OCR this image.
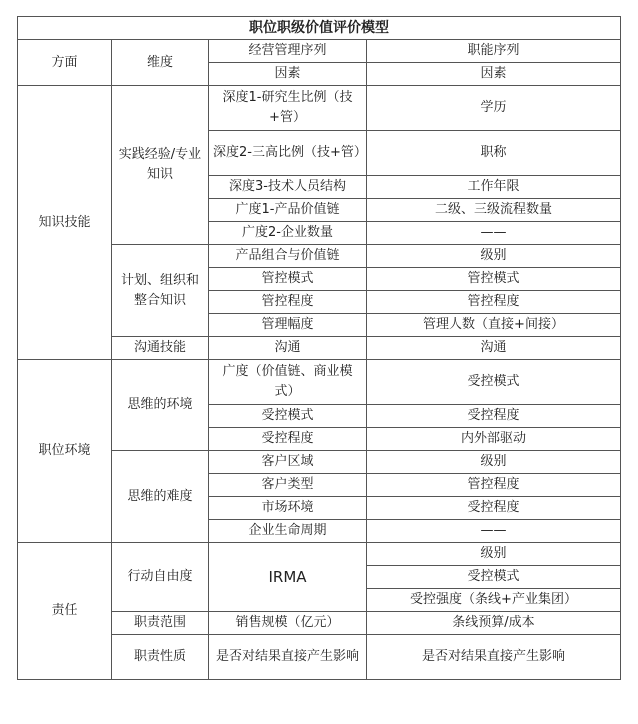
职位职级价值评价模型			
方面	维度	经营管理序列	职能序列
		因素	因素
知识技能	实践经验/专业知识	深度1-研究生比例（技+管）	学历
		深度2-三高比例（技+管）	职称
		深度3-技术人员结构	工作年限
		广度1-产品价值链	二级、三级流程数量
		广度2-企业数量	——
	计划、组织和整合知识	产品组合与价值链	级别
		管控模式	管控模式
		管控程度	管控程度
		管理幅度	管理人数（直接+间接）
	沟通技能	沟通	沟通
职位环境	思维的环境	广度（价值链、商业模式）	受控模式
		受控模式	受控程度
		受控程度	内外部驱动
	思维的难度	客户区域	级别
		客户类型	管控程度
		市场环境	受控程度
		企业生命周期	——
责任	行动自由度	IRMA	级别
			受控模式
			受控强度（条线+产业集团）
	职责范围	销售规模（亿元）	条线预算/成本
	职责性质	是否对结果直接产生影响	是否对结果直接产生影响
